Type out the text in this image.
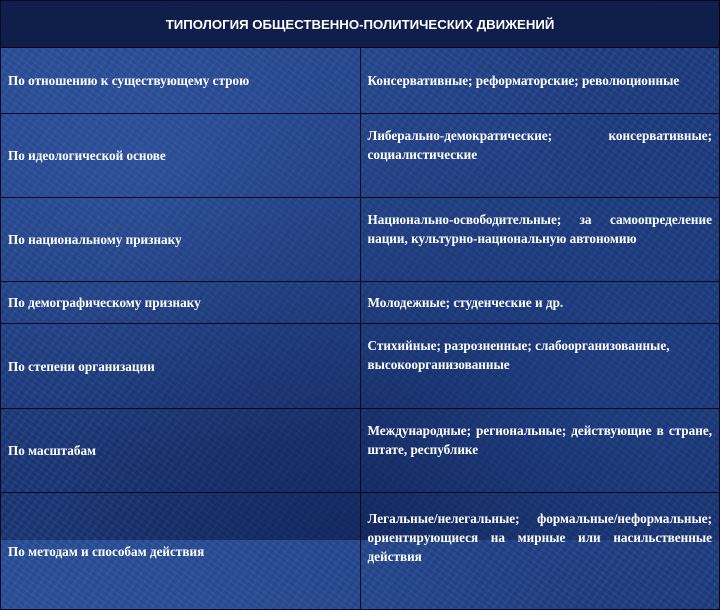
ТИПОЛОГИЯ ОБЩЕСТВЕННО-ПОЛИТИЧЕСКИХ ДВИЖЕНИЙ	
По отношению к существующему строю	Консервативные; реформаторские; революционные
По идеологической основе	Либерально-демократические; консервативные; социалистические
По национальному признаку	Национально-освободительные; за самоопределение нации, культурно-национальную автономию
По демографическому признаку	Молодежные; студенческие и др.
По степени организации	Стихийные; разрозненные; слабоорганизованные, высокоорганизованные
По масштабам	Международные; региональные; действующие в стране, штате, республике
По методам и способам действия	Легальные/нелегальные; формальные/неформальные; ориентирующиеся на мирные или насильственные действия
